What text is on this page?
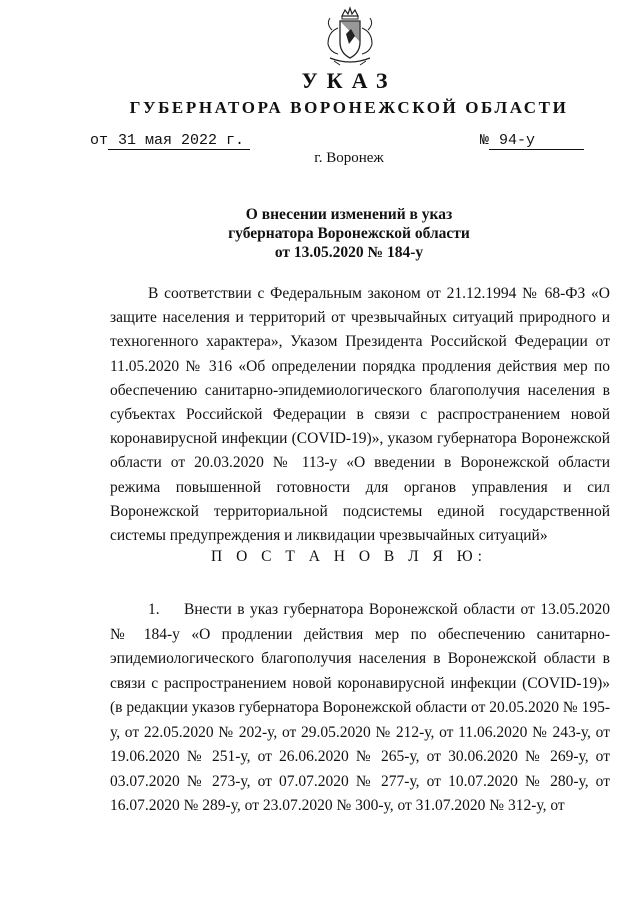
УКАЗ
ГУБЕРНАТОРА ВОРОНЕЖСКОЙ ОБЛАСТИ
от 31 мая 2022 г.	№ 94-у
г. Воронеж
О внесении изменений в указ
губернатора Воронежской области
от 13.05.2020 № 184-у

В соответствии с Федеральным законом от 21.12.1994 № 68-ФЗ «О защите населения и территорий от чрезвычайных ситуаций природного и техногенного характера», Указом Президента Российской Федерации от 11.05.2020 № 316 «Об определении порядка продления действия мер по обеспечению санитарно-эпидемиологического благополучия населения в субъектах Российской Федерации в связи с распространением новой коронавирусной инфекции (COVID-19)», указом губернатора Воронежской области от 20.03.2020 № 113-у «О введении в Воронежской области режима повышенной готовности для органов управления и сил Воронежской территориальной подсистемы единой государственной системы предупреждения и ликвидации чрезвычайных ситуаций»

П О С Т А Н О В Л Я Ю:

1. Внести в указ губернатора Воронежской области от 13.05.2020 № 184-у «О продлении действия мер по обеспечению санитарно-эпидемиологического благополучия населения в Воронежской области в связи с распространением новой коронавирусной инфекции (COVID-19)» (в редакции указов губернатора Воронежской области от 20.05.2020 № 195-у, от 22.05.2020 № 202-у, от 29.05.2020 № 212-у, от 11.06.2020 № 243-у, от 19.06.2020 № 251-у, от 26.06.2020 № 265-у, от 30.06.2020 № 269-у, от 03.07.2020 № 273-у, от 07.07.2020 № 277-у, от 10.07.2020 № 280-у, от 16.07.2020 № 289-у, от 23.07.2020 № 300-у, от 31.07.2020 № 312-у, от
